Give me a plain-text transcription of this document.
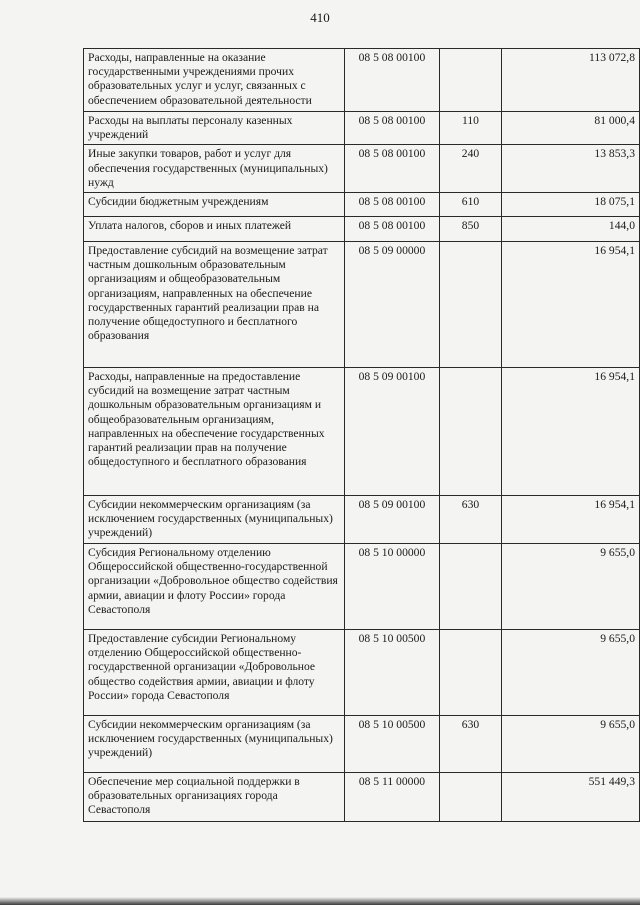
410
Расходы, направленные на оказание государственными учреждениями прочих образовательных услуг и услуг, связанных с обеспечением образовательной деятельности	08 5 08 00100		113 072,8
Расходы на выплаты персоналу казенных учреждений	08 5 08 00100	110	81 000,4
Иные закупки товаров, работ и услуг для обеспечения государственных (муниципальных) нужд	08 5 08 00100	240	13 853,3
Субсидии бюджетным учреждениям	08 5 08 00100	610	18 075,1
Уплата налогов, сборов и иных платежей	08 5 08 00100	850	144,0
Предоставление субсидий на возмещение затрат частным дошкольным образовательным организациям и общеобразовательным организациям, направленных на обеспечение государственных гарантий реализации прав на получение общедоступного и бесплатного образования	08 5 09 00000		16 954,1
Расходы, направленные на предоставление субсидий на возмещение затрат частным дошкольным образовательным организациям и общеобразовательным организациям, направленных на обеспечение государственных гарантий реализации прав на получение общедоступного и бесплатного образования	08 5 09 00100		16 954,1
Субсидии некоммерческим организациям (за исключением государственных (муниципальных) учреждений)	08 5 09 00100	630	16 954,1
Субсидия Региональному отделению Общероссийской общественно-государственной организации «Добровольное общество содействия армии, авиации и флоту России» города Севастополя	08 5 10 00000		9 655,0
Предоставление субсидии Региональному отделению Общероссийской общественно-государственной организации «Добровольное общество содействия армии, авиации и флоту России» города Севастополя	08 5 10 00500		9 655,0
Субсидии некоммерческим организациям (за исключением государственных (муниципальных) учреждений)	08 5 10 00500	630	9 655,0
Обеспечение мер социальной поддержки в образовательных организациях города Севастополя	08 5 11 00000		551 449,3
